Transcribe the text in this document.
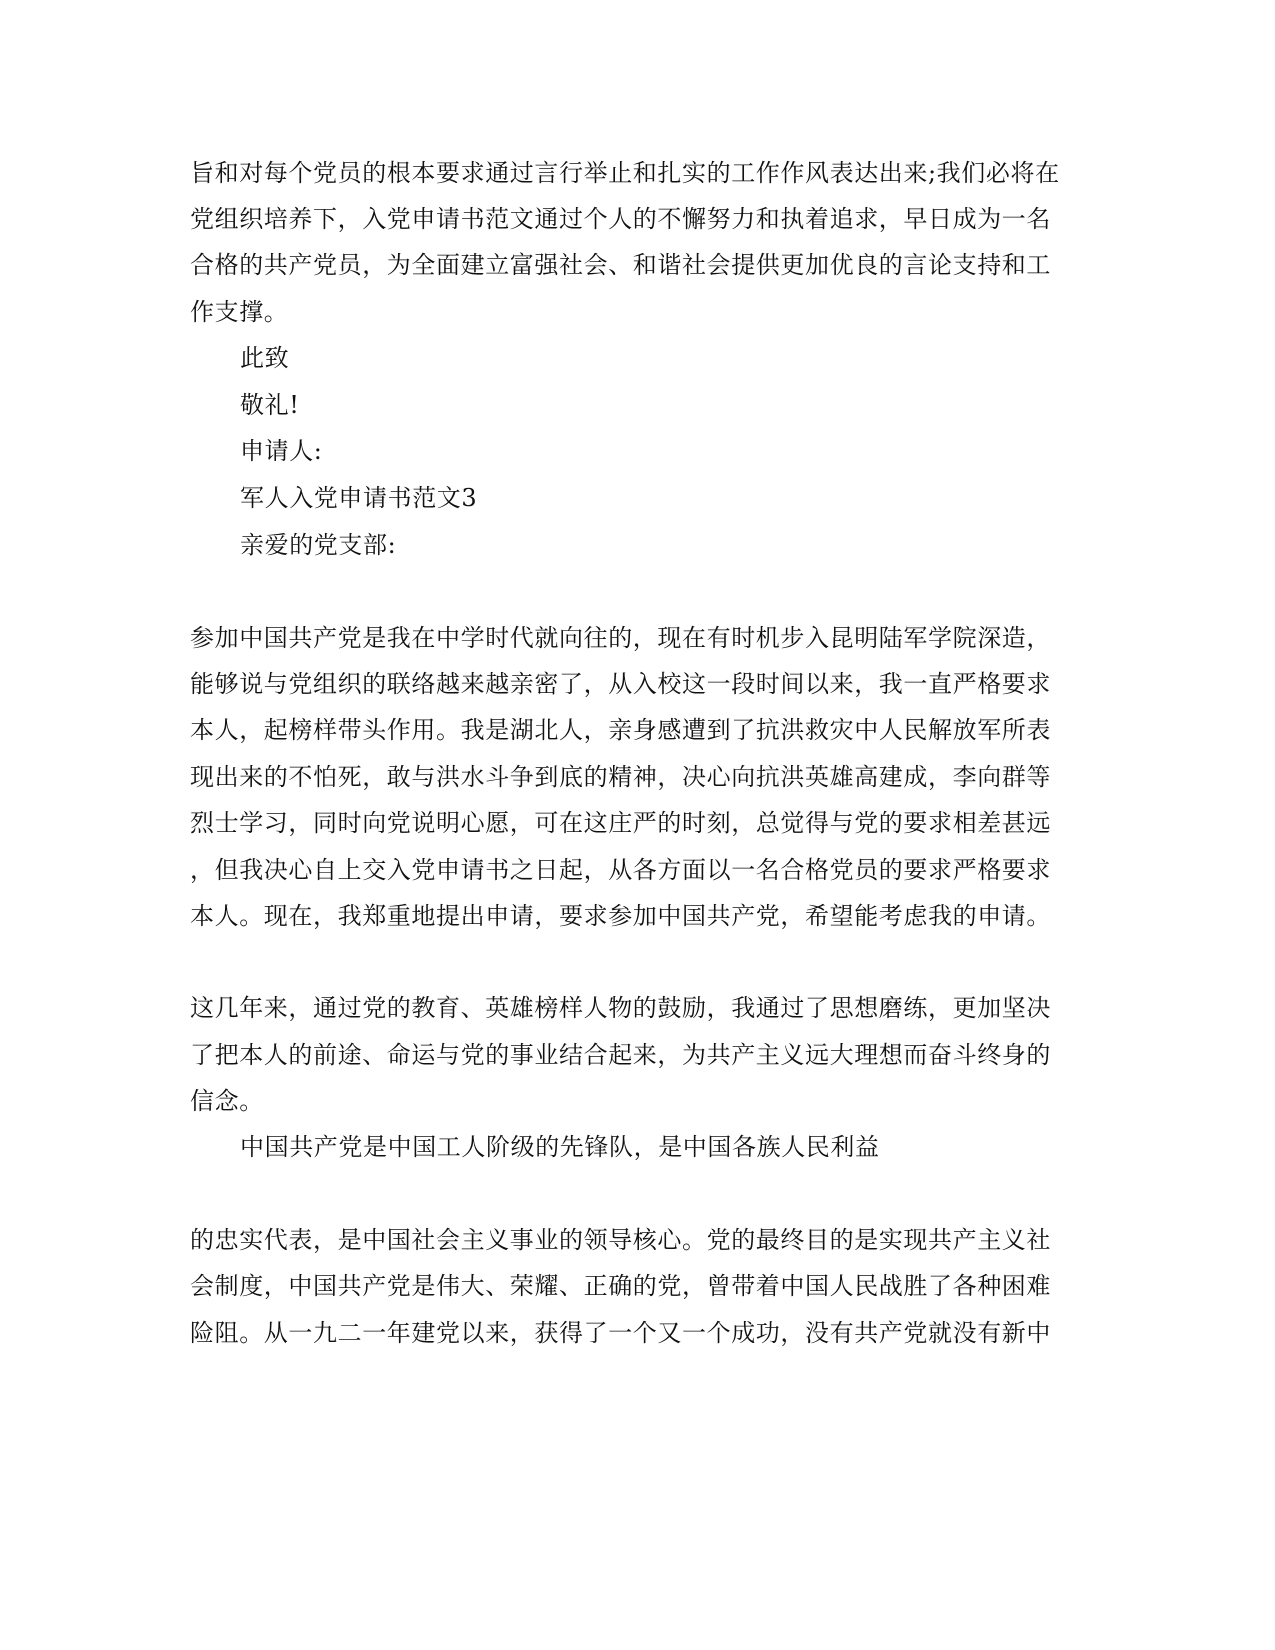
旨和对每个党员的根本要求通过言行举止和扎实的工作作风表达出来;我们必将在
党组织培养下，入党申请书范文通过个人的不懈努力和执着追求，早日成为一名
合格的共产党员，为全面建立富强社会、和谐社会提供更加优良的言论支持和工
作支撑。
此致
敬礼!
申请人:
军人入党申请书范文3
亲爱的党支部:
参加中国共产党是我在中学时代就向往的，现在有时机步入昆明陆军学院深造，
能够说与党组织的联络越来越亲密了，从入校这一段时间以来，我一直严格要求
本人，起榜样带头作用。我是湖北人，亲身感遭到了抗洪救灾中人民解放军所表
现出来的不怕死，敢与洪水斗争到底的精神，决心向抗洪英雄高建成，李向群等
烈士学习，同时向党说明心愿，可在这庄严的时刻，总觉得与党的要求相差甚远
，但我决心自上交入党申请书之日起，从各方面以一名合格党员的要求严格要求
本人。现在，我郑重地提出申请，要求参加中国共产党，希望能考虑我的申请。
这几年来，通过党的教育、英雄榜样人物的鼓励，我通过了思想磨练，更加坚决
了把本人的前途、命运与党的事业结合起来，为共产主义远大理想而奋斗终身的
信念。
中国共产党是中国工人阶级的先锋队，是中国各族人民利益
的忠实代表，是中国社会主义事业的领导核心。党的最终目的是实现共产主义社
会制度，中国共产党是伟大、荣耀、正确的党，曾带着中国人民战胜了各种困难
险阻。从一九二一年建党以来，获得了一个又一个成功，没有共产党就没有新中
